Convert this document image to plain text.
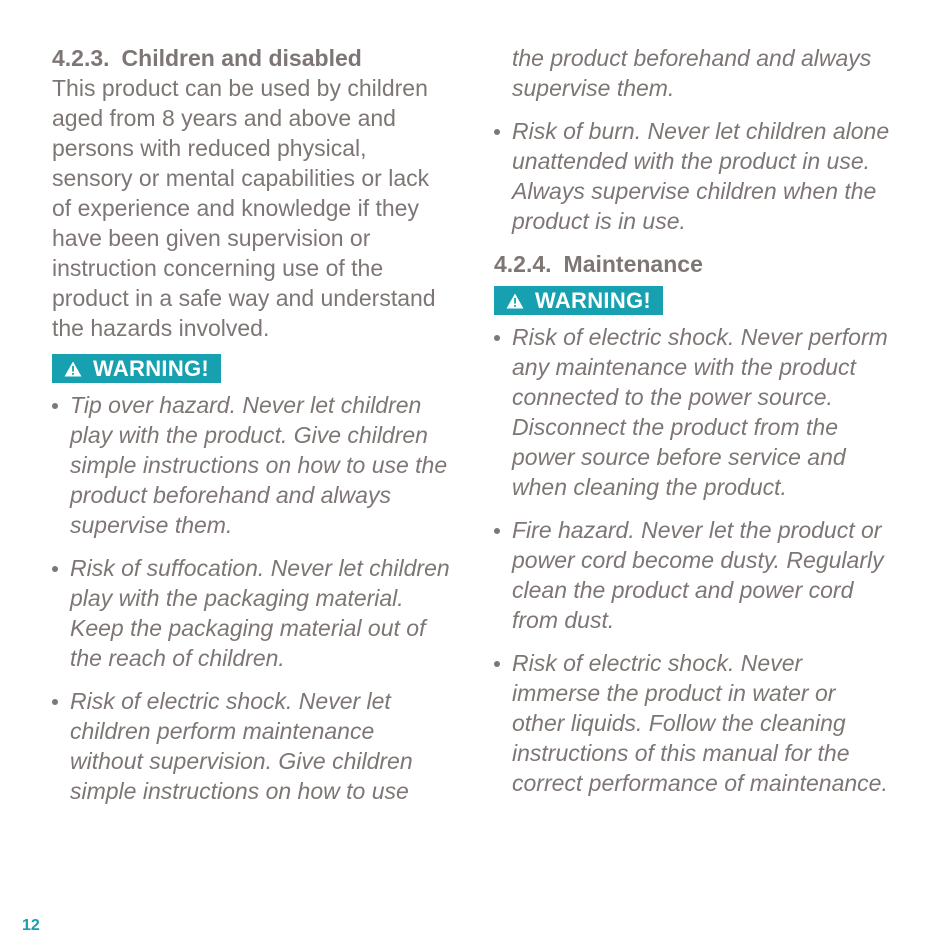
4.2.3. Children and disabled

This product can be used by children aged from 8 years and above and persons with reduced physical, sensory or mental capabilities or lack of experience and knowledge if they have been given supervision or instruction concerning use of the product in a safe way and understand the hazards involved.

WARNING!
Tip over hazard. Never let children play with the product. Give children simple instructions on how to use the product beforehand and always supervise them.
Risk of suffocation. Never let children play with the packaging material. Keep the packaging material out of the reach of children.
Risk of electric shock. Never let children perform maintenance without supervision. Give children simple instructions on how to use

the product beforehand and always supervise them.

Risk of burn. Never let children alone unattended with the product in use. Always supervise children when the product is in use.
4.2.4. Maintenance
WARNING!
Risk of electric shock. Never perform any maintenance with the product connected to the power source. Disconnect the product from the power source before service and when cleaning the product.
Fire hazard. Never let the product or power cord become dusty. Regularly clean the product and power cord from dust.
Risk of electric shock. Never immerse the product in water or other liquids. Follow the cleaning instructions of this manual for the correct performance of maintenance.
12
